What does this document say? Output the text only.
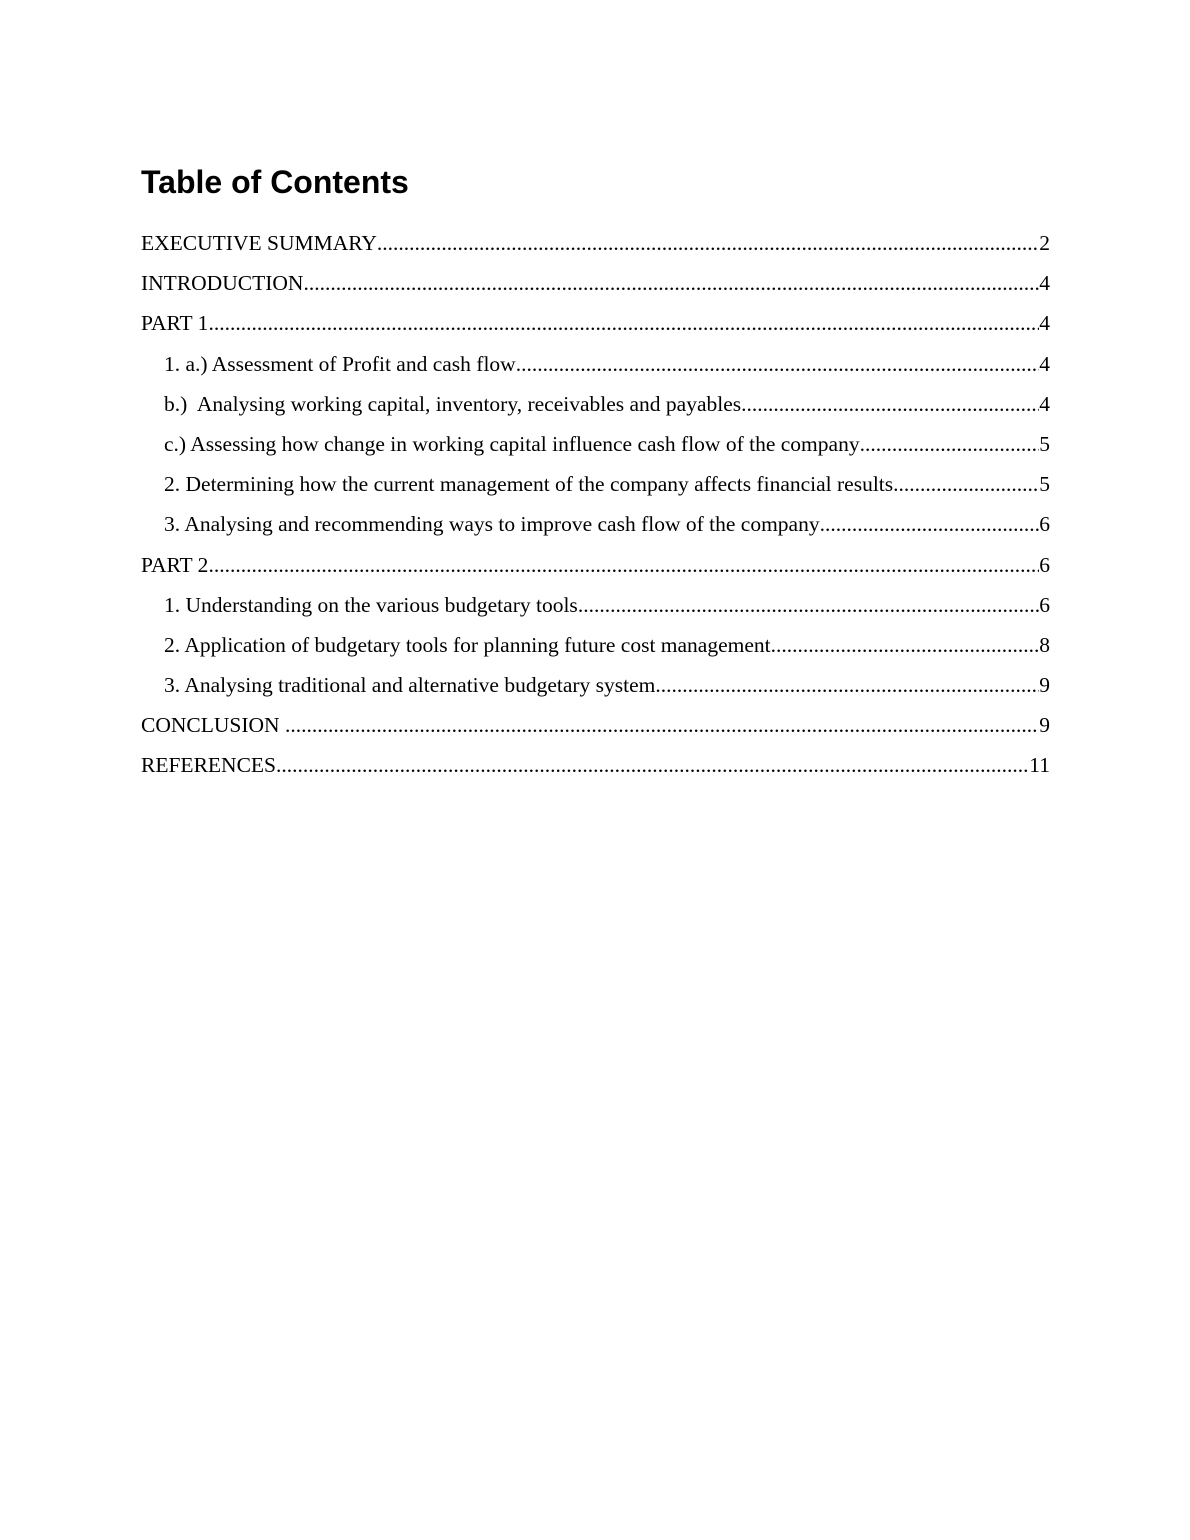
Table of Contents
EXECUTIVE SUMMARY .....	2
INTRODUCTION .....	4
PART 1 .....	4
1. a.) Assessment of Profit and cash flow .....	4
b.)  Analysing working capital, inventory, receivables and payables .....	4
c.) Assessing how change in working capital influence cash flow of the company .....	5
2. Determining how the current management of the company affects financial results .....	5
3. Analysing and recommending ways to improve cash flow of the company .....	6
PART 2 .....	6
1. Understanding on the various budgetary tools .....	6
2. Application of budgetary tools for planning future cost management .....	8
3. Analysing traditional and alternative budgetary system .....	9
CONCLUSION .....	9
REFERENCES .....	11
